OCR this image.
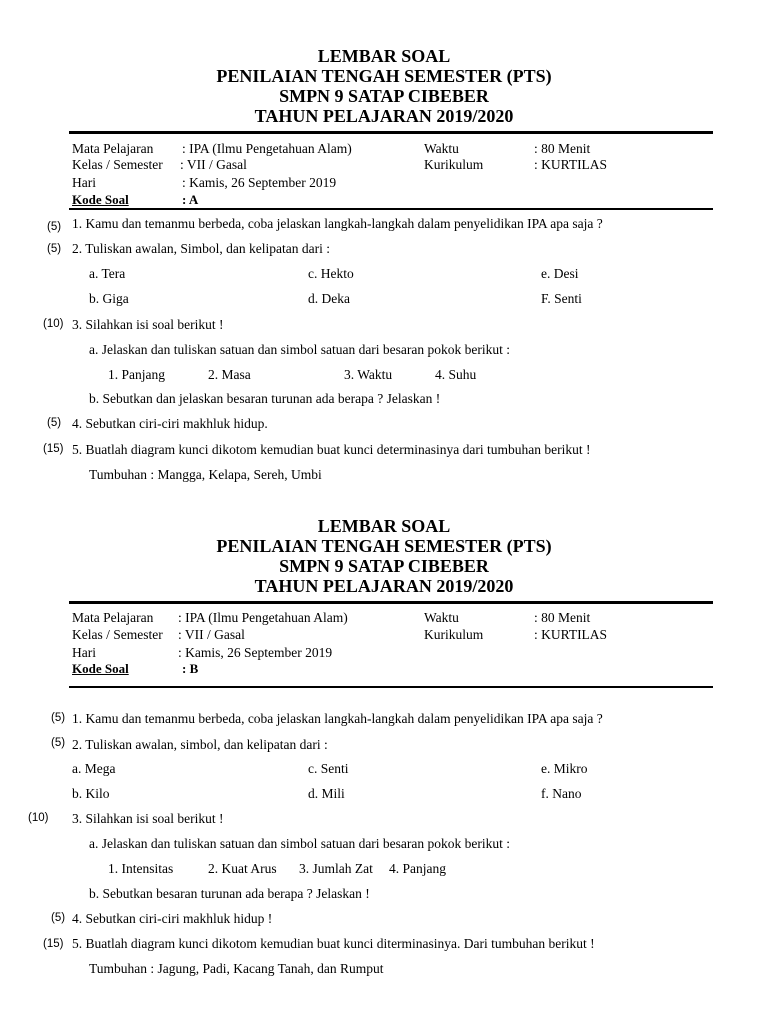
LEMBAR SOAL
PENILAIAN TENGAH SEMESTER (PTS)
SMPN 9 SATAP CIBEBER
TAHUN PELAJARAN 2019/2020
Mata Pelajaran : IPA (Ilmu Pengetahuan Alam)	Waktu	: 80 Menit
Kelas / Semester : VII / Gasal	Kurikulum	: KURTILAS
Hari	: Kamis, 26 September 2019
Kode Soal	: A
(5) 1. Kamu dan temanmu berbeda, coba jelaskan langkah-langkah dalam penyelidikan IPA apa saja ?
(5) 2. Tuliskan awalan, Simbol, dan kelipatan dari :
a. Tera	c. Hekto	e. Desi
b. Giga	d. Deka	F. Senti
(10) 3. Silahkan isi soal berikut !
a. Jelaskan dan tuliskan satuan dan simbol satuan dari besaran pokok berikut :
1. Panjang	2. Masa	3. Waktu	4. Suhu
b. Sebutkan dan jelaskan besaran turunan ada berapa ? Jelaskan !
(5) 4. Sebutkan ciri-ciri makhluk hidup.
(15) 5. Buatlah diagram kunci dikotom kemudian buat kunci determinasinya dari tumbuhan berikut !
Tumbuhan : Mangga, Kelapa, Sereh, Umbi
LEMBAR SOAL
PENILAIAN TENGAH SEMESTER (PTS)
SMPN 9 SATAP CIBEBER
TAHUN PELAJARAN 2019/2020
Mata Pelajaran : IPA (Ilmu Pengetahuan Alam)	Waktu	: 80 Menit
Kelas / Semester : VII / Gasal	Kurikulum	: KURTILAS
Hari	: Kamis, 26 September 2019
Kode Soal	: B
(5) 1. Kamu dan temanmu berbeda, coba jelaskan langkah-langkah dalam penyelidikan IPA apa saja ?
(5) 2. Tuliskan awalan, simbol, dan kelipatan dari :
a. Mega	c. Senti	e. Mikro
b. Kilo	d. Mili	f. Nano
(10) 3. Silahkan isi soal berikut !
a. Jelaskan dan tuliskan satuan dan simbol satuan dari besaran pokok berikut :
1. Intensitas	2. Kuat Arus 3. Jumlah Zat 4. Panjang
b. Sebutkan besaran turunan ada berapa ? Jelaskan !
(5) 4. Sebutkan ciri-ciri makhluk hidup !
(15) 5. Buatlah diagram kunci dikotom kemudian buat kunci diterminasinya. Dari tumbuhan berikut !
Tumbuhan : Jagung, Padi, Kacang Tanah, dan Rumput
